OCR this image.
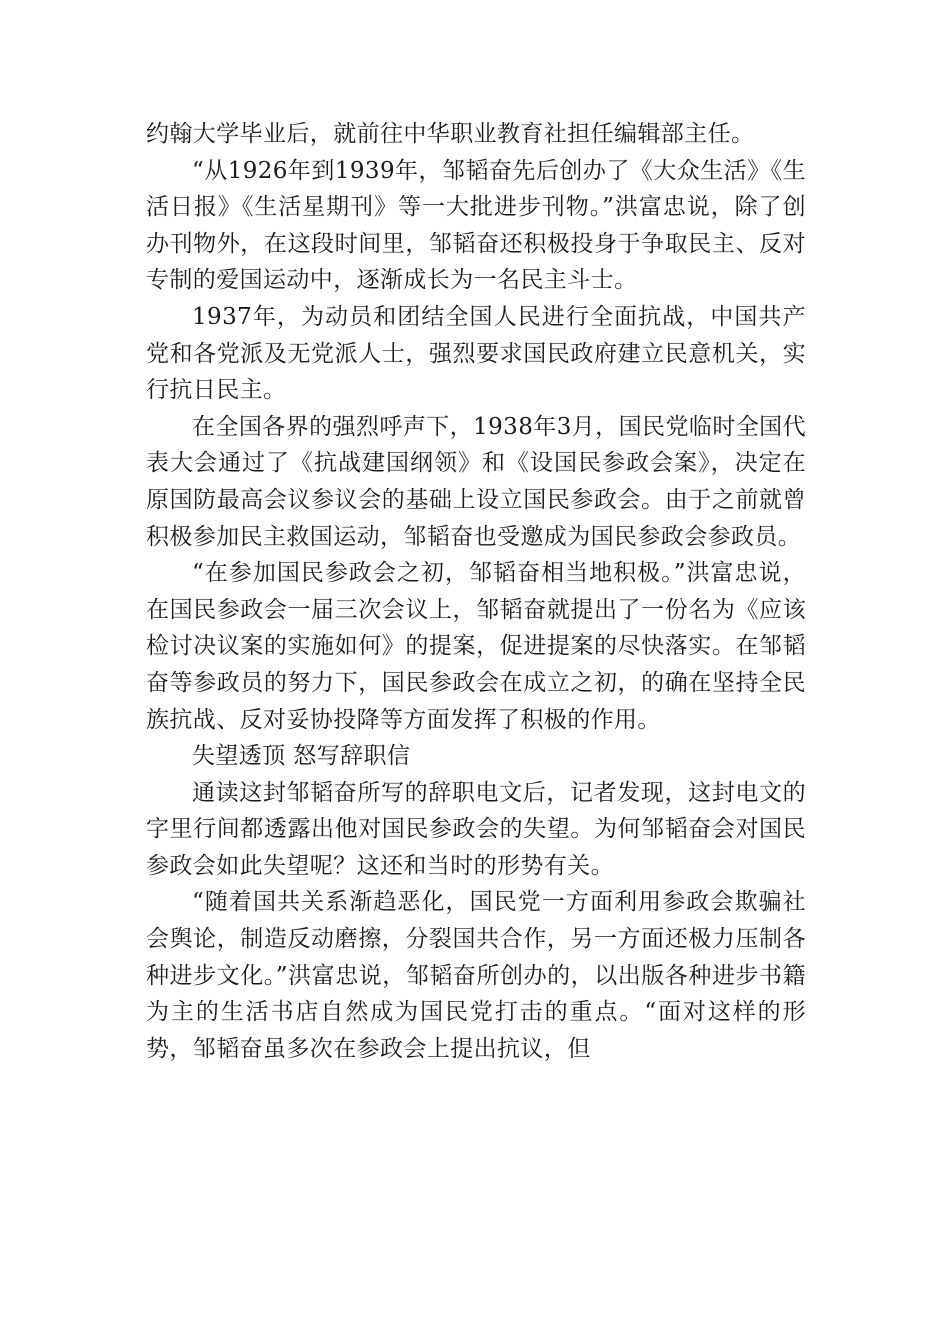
约翰大学毕业后，就前往中华职业教育社担任编辑部主任。

“从1926年到1939年，邹韬奋先后创办了《大众生活》《生活日报》《生活星期刊》等一大批进步刊物。”洪富忠说，除了创办刊物外，在这段时间里，邹韬奋还积极投身于争取民主、反对专制的爱国运动中，逐渐成长为一名民主斗士。

1937年，为动员和团结全国人民进行全面抗战，中国共产党和各党派及无党派人士，强烈要求国民政府建立民意机关，实行抗日民主。

在全国各界的强烈呼声下，1938年3月，国民党临时全国代表大会通过了《抗战建国纲领》和《设国民参政会案》，决定在原国防最高会议参议会的基础上设立国民参政会。由于之前就曾积极参加民主救国运动，邹韬奋也受邀成为国民参政会参政员。

“在参加国民参政会之初，邹韬奋相当地积极。”洪富忠说，在国民参政会一届三次会议上，邹韬奋就提出了一份名为《应该检讨决议案的实施如何》的提案，促进提案的尽快落实。在邹韬奋等参政员的努力下，国民参政会在成立之初，的确在坚持全民族抗战、反对妥协投降等方面发挥了积极的作用。

失望透顶 怒写辞职信

通读这封邹韬奋所写的辞职电文后，记者发现，这封电文的字里行间都透露出他对国民参政会的失望。为何邹韬奋会对国民参政会如此失望呢？这还和当时的形势有关。

“随着国共关系渐趋恶化，国民党一方面利用参政会欺骗社会舆论，制造反动磨擦，分裂国共合作，另一方面还极力压制各种进步文化。”洪富忠说，邹韬奋所创办的，以出版各种进步书籍为主的生活书店自然成为国民党打击的重点。“面对这样的形势，邹韬奋虽多次在参政会上提出抗议，但
